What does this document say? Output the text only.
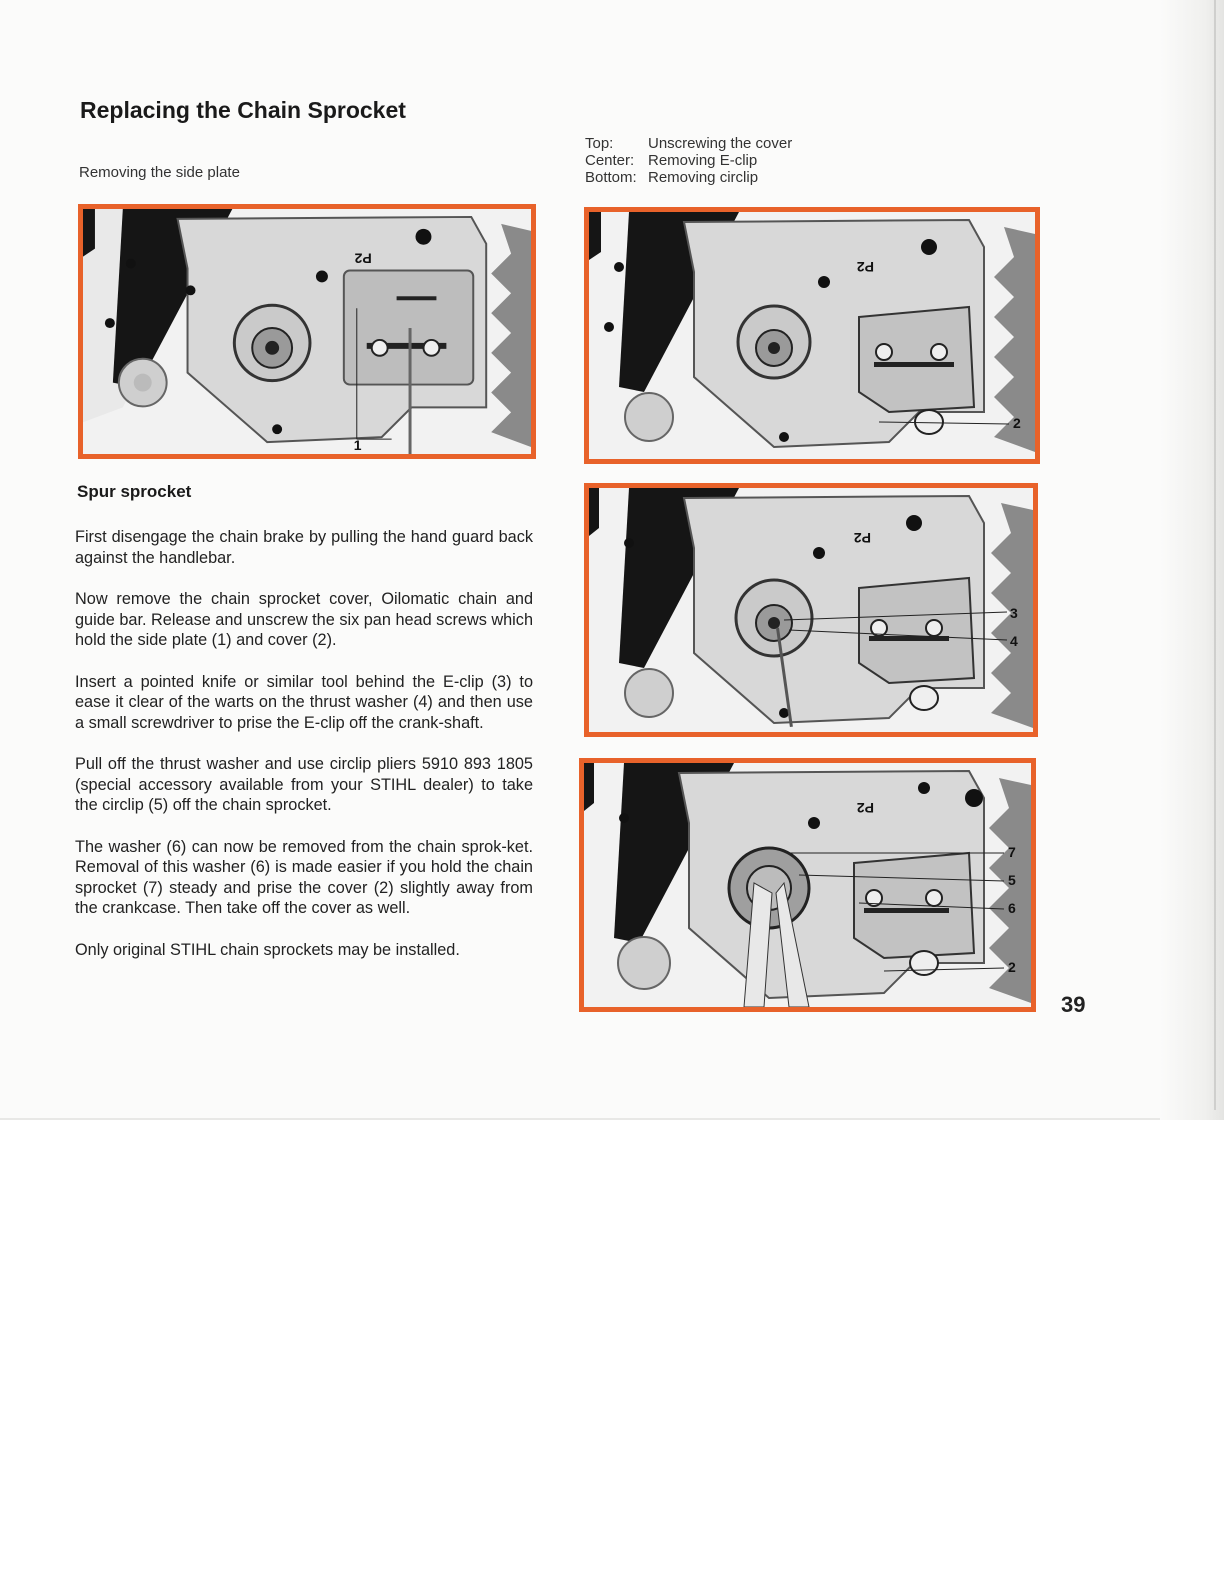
Replacing the Chain Sprocket
Removing the side plate
Top:	Unscrewing the cover
Center: Removing E-clip
Bottom: Removing circlip
1
P2
2
P2
3
4
P2
7
5
6
2
P2
Spur sprocket

First disengage the chain brake by pulling the hand guard back against the handlebar.

Now remove the chain sprocket cover, Oilomatic chain and guide bar. Release and unscrew the six pan head screws which hold the side plate (1) and cover (2).

Insert a pointed knife or similar tool behind the E-clip (3) to ease it clear of the warts on the thrust washer (4) and then use a small screwdriver to prise the E-clip off the crank-shaft.

Pull off the thrust washer and use circlip pliers 5910 893 1805 (special accessory available from your STIHL dealer) to take the circlip (5) off the chain sprocket.

The washer (6) can now be removed from the chain sprok-ket. Removal of this washer (6) is made easier if you hold the chain sprocket (7) steady and prise the cover (2) slightly away from the crankcase. Then take off the cover as well.

Only original STIHL chain sprockets may be installed.

39
